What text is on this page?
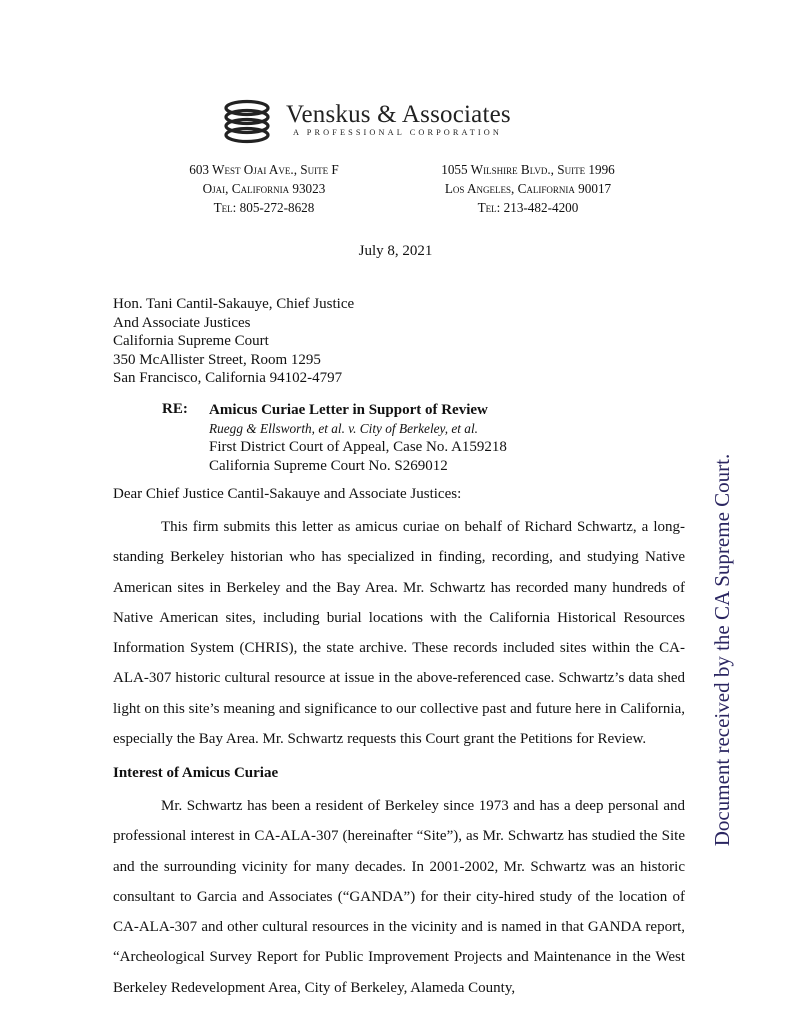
Venskus & Associates
A PROFESSIONAL CORPORATION
603 West Ojai Ave., Suite F
Ojai, California 93023
Tel: 805-272-8628
1055 Wilshire Blvd., Suite 1996
Los Angeles, California 90017
Tel: 213-482-4200
July 8, 2021
Hon. Tani Cantil-Sakauye, Chief Justice
And Associate Justices
California Supreme Court
350 McAllister Street, Room 1295
San Francisco, California 94102-4797
RE: Amicus Curiae Letter in Support of Review
Ruegg & Ellsworth, et al. v. City of Berkeley, et al.
First District Court of Appeal, Case No. A159218
California Supreme Court No. S269012
Dear Chief Justice Cantil-Sakauye and Associate Justices:
This firm submits this letter as amicus curiae on behalf of Richard Schwartz, a long-standing Berkeley historian who has specialized in finding, recording, and studying Native American sites in Berkeley and the Bay Area. Mr. Schwartz has recorded many hundreds of Native American sites, including burial locations with the California Historical Resources Information System (CHRIS), the state archive. These records included sites within the CA-ALA-307 historic cultural resource at issue in the above-referenced case. Schwartz’s data shed light on this site’s meaning and significance to our collective past and future here in California, especially the Bay Area. Mr. Schwartz requests this Court grant the Petitions for Review.
Interest of Amicus Curiae
Mr. Schwartz has been a resident of Berkeley since 1973 and has a deep personal and professional interest in CA-ALA-307 (hereinafter “Site”), as Mr. Schwartz has studied the Site and the surrounding vicinity for many decades. In 2001-2002, Mr. Schwartz was an historic consultant to Garcia and Associates (“GANDA”) for their city-hired study of the location of CA-ALA-307 and other cultural resources in the vicinity and is named in that GANDA report, “Archeological Survey Report for Public Improvement Projects and Maintenance in the West Berkeley Redevelopment Area, City of Berkeley, Alameda County,
Document received by the CA Supreme Court.
